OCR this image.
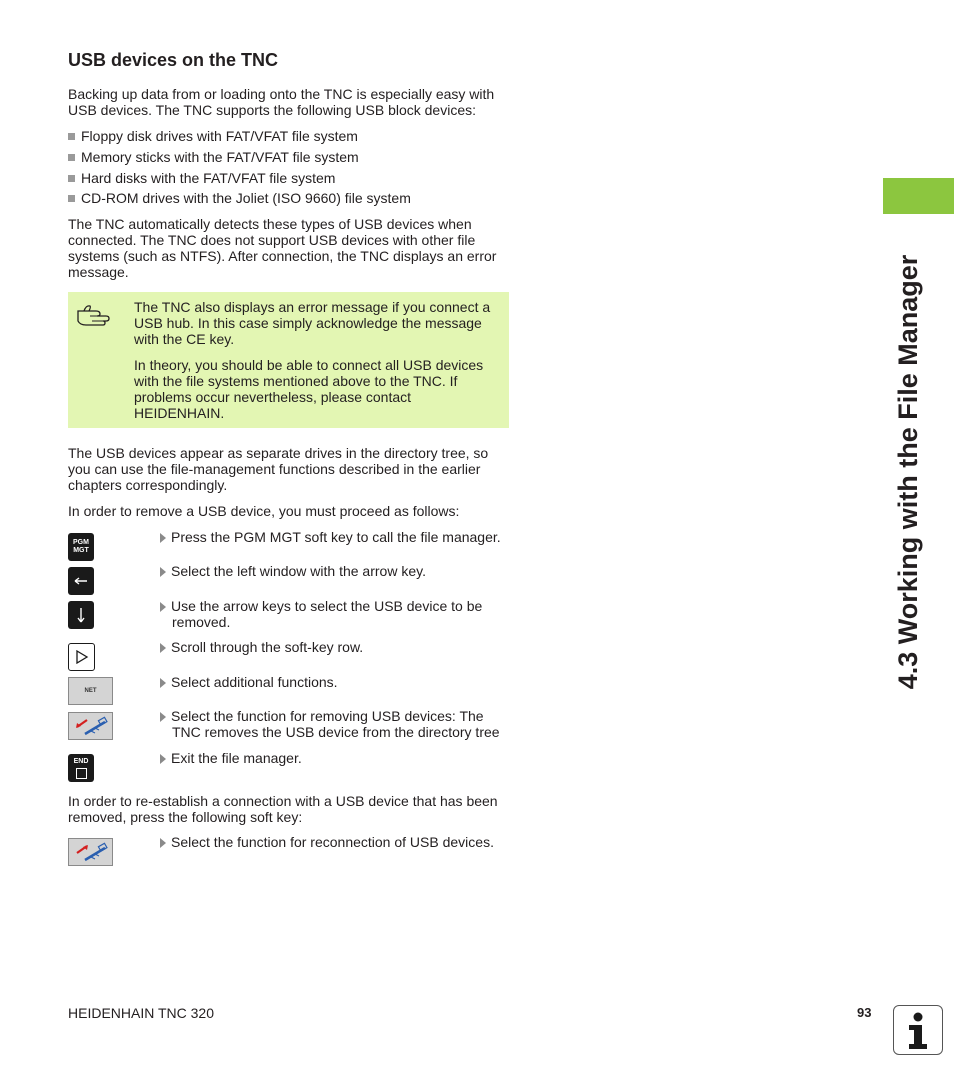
USB devices on the TNC

Backing up data from or loading onto the TNC is especially easy with USB devices. The TNC supports the following USB block devices:

Floppy disk drives with FAT/VFAT file system

Memory sticks with the FAT/VFAT file system

Hard disks with the FAT/VFAT file system

CD-ROM drives with the Joliet (ISO 9660) file system

The TNC automatically detects these types of USB devices when connected. The TNC does not support USB devices with other file systems (such as NTFS). After connection, the TNC displays an error message.

The TNC also displays an error message if you connect a USB hub. In this case simply acknowledge the message with the CE key.

In theory, you should be able to connect all USB devices with the file systems mentioned above to the TNC. If problems occur nevertheless, please contact HEIDENHAIN.

The USB devices appear as separate drives in the directory tree, so you can use the file-management functions described in the earlier chapters correspondingly.

In order to remove a USB device, you must proceed as follows:

PGM
MGT

Press the PGM MGT soft key to call the file manager.

Select the left window with the arrow key.

Use the arrow keys to select the USB device to be
removed.

Scroll through the soft-key row.

NET

Select additional functions.

Select the function for removing USB devices: The
TNC removes the USB device from the directory tree

END	Exit the file manager.

In order to re-establish a connection with a USB device that has been removed, press the following soft key:

Select the function for reconnection of USB devices.

4.3 Working with the File Manager

HEIDENHAIN TNC 320	93
